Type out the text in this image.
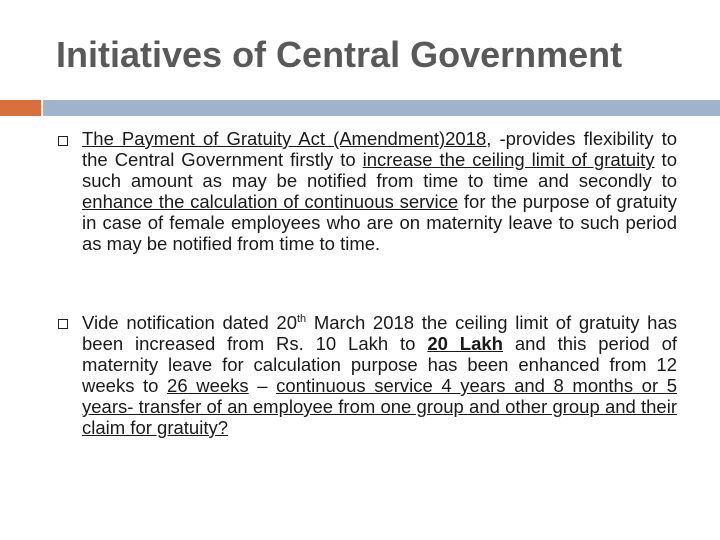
Initiatives of Central Government
The Payment of Gratuity Act (Amendment)2018, -provides flexibility to the Central Government firstly to increase the ceiling limit of gratuity to such amount as may be notified from time to time and secondly to enhance the calculation of continuous service for the purpose of gratuity in case of female employees who are on maternity leave to such period as may be notified from time to time.
Vide notification dated 20th March 2018 the ceiling limit of gratuity has been increased from Rs. 10 Lakh to 20 Lakh and this period of maternity leave for calculation purpose has been enhanced from 12 weeks to 26 weeks – continuous service 4 years and 8 months or 5 years- transfer of an employee from one group and other group and their claim for gratuity?
